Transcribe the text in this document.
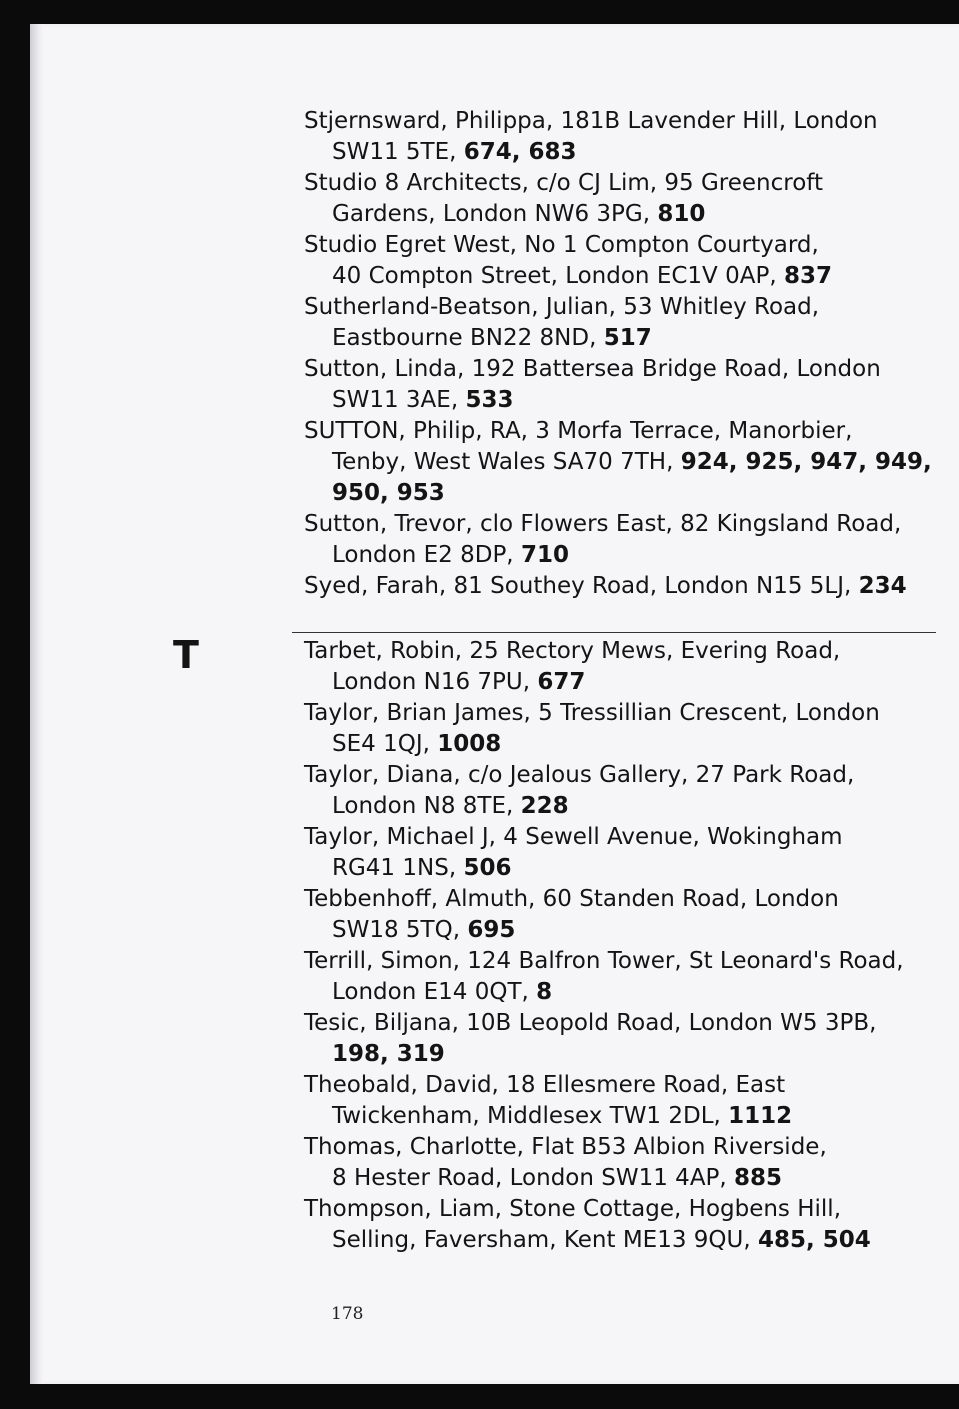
Stjernsward, Philippa, 181B Lavender Hill, London
SW11 5TE, 674, 683
Studio 8 Architects, c/o CJ Lim, 95 Greencroft
Gardens, London NW6 3PG, 810
Studio Egret West, No 1 Compton Courtyard,
40 Compton Street, London EC1V 0AP, 837
Sutherland-Beatson, Julian, 53 Whitley Road,
Eastbourne BN22 8ND, 517
Sutton, Linda, 192 Battersea Bridge Road, London
SW11 3AE, 533
SUTTON, Philip, RA, 3 Morfa Terrace, Manorbier,
Tenby, West Wales SA70 7TH, 924, 925, 947, 949,
950, 953
Sutton, Trevor, clo Flowers East, 82 Kingsland Road,
London E2 8DP, 710
Syed, Farah, 81 Southey Road, London N15 5LJ, 234
T	Tarbet, Robin, 25 Rectory Mews, Evering Road,
London N16 7PU, 677
Taylor, Brian James, 5 Tressillian Crescent, London
SE4 1QJ, 1008
Taylor, Diana, c/o Jealous Gallery, 27 Park Road,
London N8 8TE, 228
Taylor, Michael J, 4 Sewell Avenue, Wokingham
RG41 1NS, 506
Tebbenhoff, Almuth, 60 Standen Road, London
SW18 5TQ, 695
Terrill, Simon, 124 Balfron Tower, St Leonard's Road,
London E14 0QT, 8
Tesic, Biljana, 10B Leopold Road, London W5 3PB,
198, 319
Theobald, David, 18 Ellesmere Road, East
Twickenham, Middlesex TW1 2DL, 1112
Thomas, Charlotte, Flat B53 Albion Riverside,
8 Hester Road, London SW11 4AP, 885
Thompson, Liam, Stone Cottage, Hogbens Hill,
Selling, Faversham, Kent ME13 9QU, 485, 504
178
